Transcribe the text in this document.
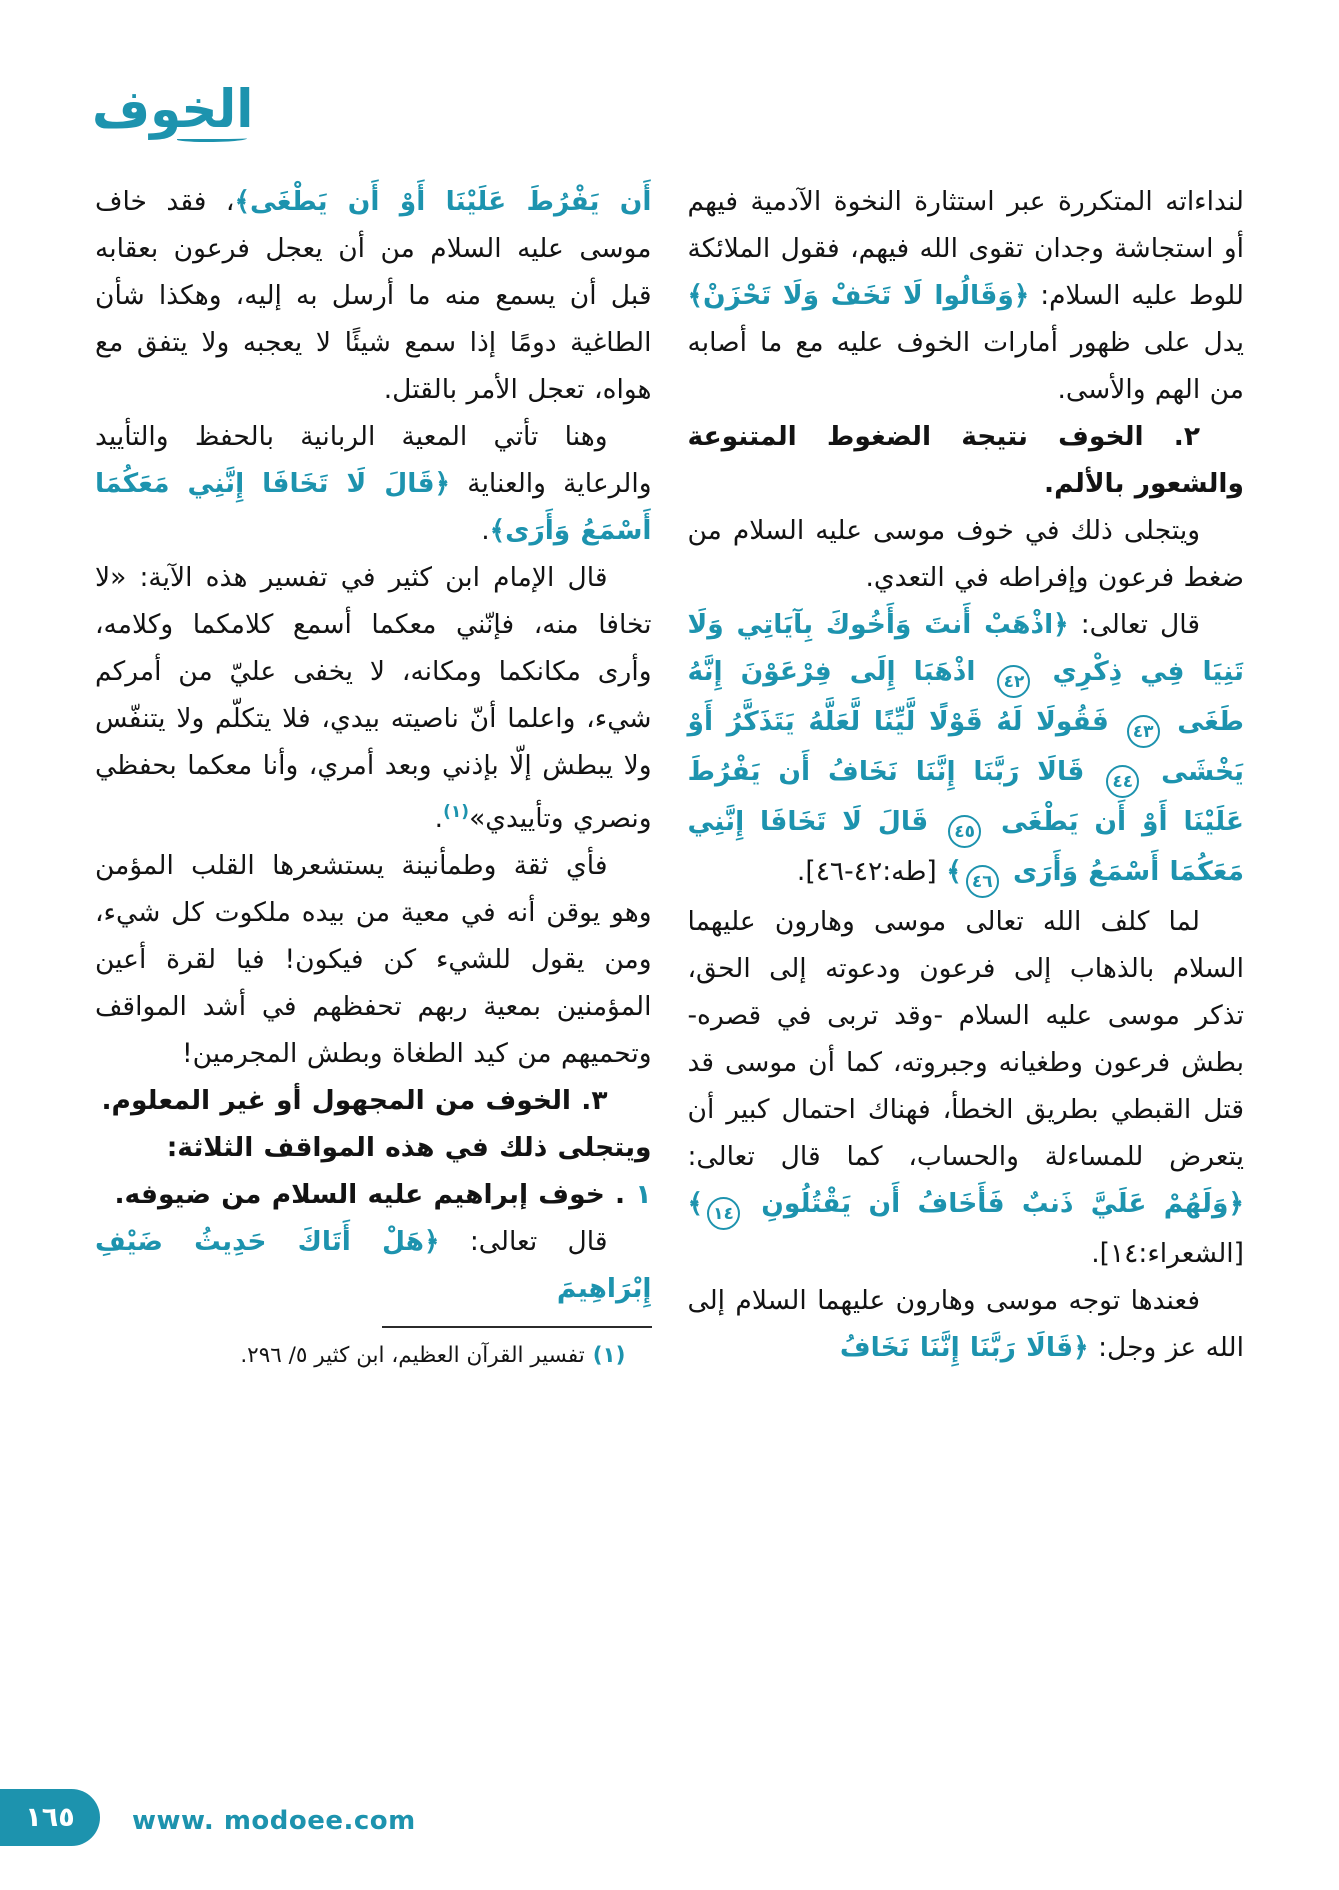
الخوف

لنداءاته المتكررة عبر استثارة النخوة الآدمية فيهم أو استجاشة وجدان تقوى الله فيهم، فقول الملائكة للوط عليه السلام: ﴿وَقَالُوا لَا تَخَفْ وَلَا تَحْزَنْ﴾ يدل على ظهور أمارات الخوف عليه مع ما أصابه من الهم والأسى.

٢. الخوف نتيجة الضغوط المتنوعة والشعور بالألم.

ويتجلى ذلك في خوف موسى عليه السلام من ضغط فرعون وإفراطه في التعدي.

قال تعالى: ﴿اذْهَبْ أَنتَ وَأَخُوكَ بِآيَاتِي وَلَا تَنِيَا فِي ذِكْرِي ٤٢ اذْهَبَا إِلَى فِرْعَوْنَ إِنَّهُ طَغَى ٤٣ فَقُولَا لَهُ قَوْلًا لَّيِّنًا لَّعَلَّهُ يَتَذَكَّرُ أَوْ يَخْشَى ٤٤ قَالَا رَبَّنَا إِنَّنَا نَخَافُ أَن يَفْرُطَ عَلَيْنَا أَوْ أَن يَطْغَى ٤٥ قَالَ لَا تَخَافَا إِنَّنِي مَعَكُمَا أَسْمَعُ وَأَرَى ٤٦﴾ [طه:٤٢-٤٦].

لما كلف الله تعالى موسى وهارون عليهما السلام بالذهاب إلى فرعون ودعوته إلى الحق، تذكر موسى عليه السلام -وقد تربى في قصره- بطش فرعون وطغيانه وجبروته، كما أن موسى قد قتل القبطي بطريق الخطأ، فهناك احتمال كبير أن يتعرض للمساءلة والحساب، كما قال تعالى: ﴿وَلَهُمْ عَلَيَّ ذَنبٌ فَأَخَافُ أَن يَقْتُلُونِ ١٤﴾ [الشعراء:١٤].

فعندها توجه موسى وهارون عليهما السلام إلى الله عز وجل: ﴿قَالَا رَبَّنَا إِنَّنَا نَخَافُ

أَن يَفْرُطَ عَلَيْنَا أَوْ أَن يَطْغَى﴾، فقد خاف موسى عليه السلام من أن يعجل فرعون بعقابه قبل أن يسمع منه ما أرسل به إليه، وهكذا شأن الطاغية دومًا إذا سمع شيئًا لا يعجبه ولا يتفق مع هواه، تعجل الأمر بالقتل.

وهنا تأتي المعية الربانية بالحفظ والتأييد والرعاية والعناية ﴿قَالَ لَا تَخَافَا إِنَّنِي مَعَكُمَا أَسْمَعُ وَأَرَى﴾.

قال الإمام ابن كثير في تفسير هذه الآية: «لا تخافا منه، فإنّني معكما أسمع كلامكما وكلامه، وأرى مكانكما ومكانه، لا يخفى عليّ من أمركم شيء، واعلما أنّ ناصيته بيدي، فلا يتكلّم ولا يتنفّس ولا يبطش إلّا بإذني وبعد أمري، وأنا معكما بحفظي ونصري وتأييدي»$^{(١)}$.

فأي ثقة وطمأنينة يستشعرها القلب المؤمن وهو يوقن أنه في معية من بيده ملكوت كل شيء، ومن يقول للشيء كن فيكون! فيا لقرة أعين المؤمنين بمعية ربهم تحفظهم في أشد المواقف وتحميهم من كيد الطغاة وبطش المجرمين!

٣. الخوف من المجهول أو غير المعلوم.

ويتجلى ذلك في هذه المواقف الثلاثة:

١ . خوف إبراهيم عليه السلام من ضيوفه.

قال تعالى: ﴿هَلْ أَتَاكَ حَدِيثُ ضَيْفِ إِبْرَاهِيمَ

(١)تفسير القرآن العظيم، ابن كثير ٥/ ٢٩٦.
١٦٥ www. modoee.com
